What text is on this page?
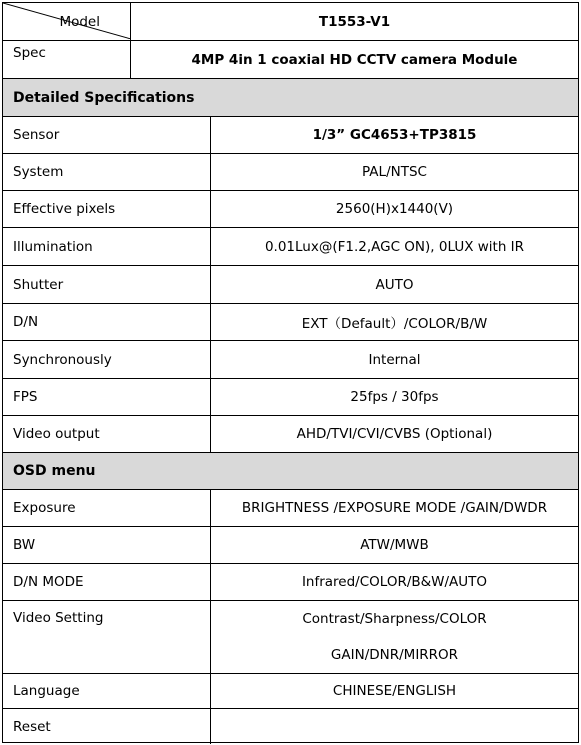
Model	T1553-V1
Spec	4MP 4in 1 coaxial HD CCTV camera Module
Detailed Specifications
Sensor	1/3” GC4653+TP3815
System	PAL/NTSC
Effective pixels	2560(H)x1440(V)
Illumination	0.01Lux@(F1.2,AGC ON), 0LUX with IR
Shutter	AUTO
D/N	EXT（Default）/COLOR/B/W
Synchronously	Internal
FPS	25fps / 30fps
Video output	AHD/TVI/CVI/CVBS (Optional)
OSD menu
Exposure	BRIGHTNESS /EXPOSURE MODE /GAIN/DWDR
BW	ATW/MWB
D/N MODE	Infrared/COLOR/B&W/AUTO
Video Setting	Contrast/Sharpness/COLOR
GAIN/DNR/MIRROR
Language	CHINESE/ENGLISH
Reset
